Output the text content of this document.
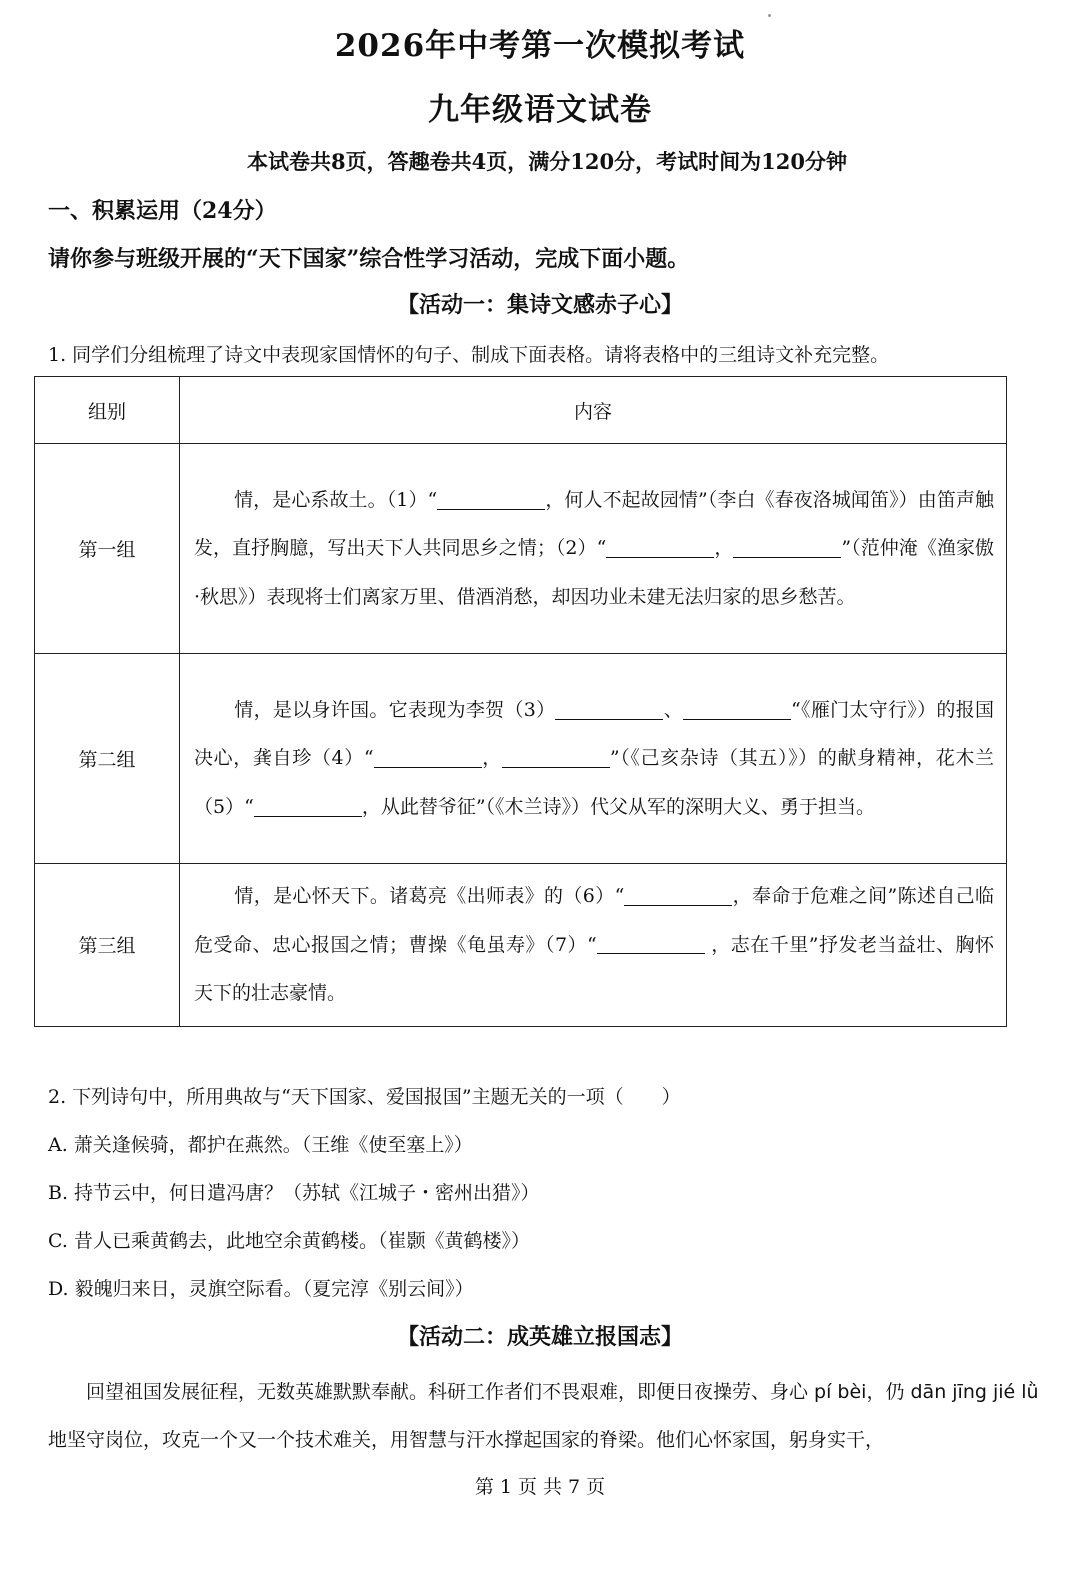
2026年中考第一次模拟考试
九年级语文试卷
本试卷共8页，答趣卷共4页，满分120分，考试时间为120分钟
一、积累运用（24分）
请你参与班级开展的“天下国家”综合性学习活动，完成下面小题。
【活动一：集诗文感赤子心】
1. 同学们分组梳理了诗文中表现家国情怀的句子、制成下面表格。请将表格中的三组诗文补充完整。
组别	内容
第一组	情，是心系故土。（1）“ ，何人不起故园情”（李白《春夜洛城闻笛》）由笛声触发，直抒胸臆，写出天下人共同思乡之情；（2）“ ， ”（范仲淹《渔家傲·秋思》）表现将士们离家万里、借酒消愁，却因功业未建无法归家的思乡愁苦。
第二组	情，是以身许国。它表现为李贺（3） 、 “《雁门太守行》）的报国决心，龚自珍（4）“ ， ”（《己亥杂诗（其五）》）的献身精神，花木兰（5）“ ，从此替爷征”（《木兰诗》）代父从军的深明大义、勇于担当。
第三组	情，是心怀天下。诸葛亮《出师表》的（6）“ ，奉命于危难之间”陈述自己临危受命、忠心报国之情；曹操《龟虽寿》（7）“ ，志在千里”抒发老当益壮、胸怀天下的壮志豪情。
2. 下列诗句中，所用典故与“天下国家、爱国报国”主题无关的一项（　　）
A. 萧关逢候骑，都护在燕然。（王维《使至塞上》）
B. 持节云中，何日遣冯唐？（苏轼《江城子・密州出猎》）
C. 昔人已乘黄鹤去，此地空余黄鹤楼。（崔颢《黄鹤楼》）
D. 毅魄归来日，灵旗空际看。（夏完淳《别云间》）
【活动二：成英雄立报国志】
回望祖国发展征程，无数英雄默默奉献。科研工作者们不畏艰难，即便日夜操劳、身心 pí bèi，仍 dān jīng jié lǜ地坚守岗位，攻克一个又一个技术难关，用智慧与汗水撑起国家的脊梁。他们心怀家国，躬身实干，
第 1 页 共 7 页
